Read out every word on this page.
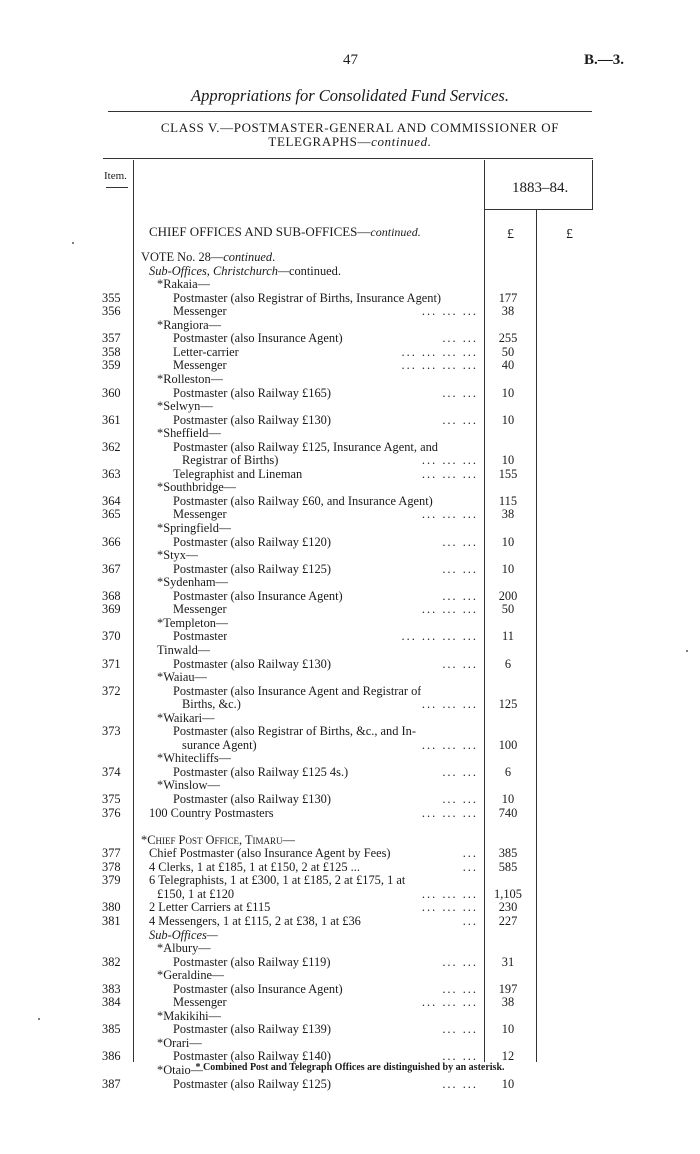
47	B.—3.
Appropriations for Consolidated Fund Services.
CLASS V.—POSTMASTER-GENERAL AND COMMISSIONER OF
TELEGRAPHS—continued.
Item.
1883–84.
CHIEF OFFICES AND SUB-OFFICES—continued.	£	£
VOTE No. 28—continued.
Sub-Offices, Christchurch—continued.
*Rakaia—
355	Postmaster (also Registrar of Births, Insurance Agent)	177
356	Messenger	... ... ...	38
*Rangiora—
357	Postmaster (also Insurance Agent)	... ...	255
358	Letter-carrier	... ... ... ...	50
359	Messenger	... ... ... ...	40
*Rolleston—
360	Postmaster (also Railway £165)	... ...	10
*Selwyn—
361	Postmaster (also Railway £130)	... ...	10
*Sheffield—
362	Postmaster (also Railway £125, Insurance Agent, and
Registrar of Births)	... ... ...	10
363	Telegraphist and Lineman	... ... ...	155
*Southbridge—
364	Postmaster (also Railway £60, and Insurance Agent)	115
365	Messenger	... ... ...	38
*Springfield—
366	Postmaster (also Railway £120)	... ...	10
*Styx—
367	Postmaster (also Railway £125)	... ...	10
*Sydenham—
368	Postmaster (also Insurance Agent)	... ...	200
369	Messenger	... ... ...	50
*Templeton—
370	Postmaster	... ... ... ...	11
Tinwald—
371	Postmaster (also Railway £130)	... ...	6
*Waiau—
372	Postmaster (also Insurance Agent and Registrar of
Births, &c.)	... ... ...	125
*Waikari—
373	Postmaster (also Registrar of Births, &c., and In-
surance Agent)	... ... ...	100
*Whitecliffs—
374	Postmaster (also Railway £125 4s.)	... ...	6
*Winslow—
375	Postmaster (also Railway £130)	... ...	10
376	100 Country Postmasters	... ... ...	740
*Chief Post Office, Timaru—
377	Chief Postmaster (also Insurance Agent by Fees)	...	385
378	4 Clerks, 1 at £185, 1 at £150, 2 at £125 ...	...	585
379	6 Telegraphists, 1 at £300, 1 at £185, 2 at £175, 1 at
£150, 1 at £120	... ... ...	1,105
380	2 Letter Carriers at £115	... ... ...	230
381	4 Messengers, 1 at £115, 2 at £38, 1 at £36	...	227
Sub-Offices—
*Albury—
382	Postmaster (also Railway £119)	... ...	31
*Geraldine—
383	Postmaster (also Insurance Agent)	... ...	197
384	Messenger	... ... ...	38
*Makikihi—
385	Postmaster (also Railway £139)	... ...	10
*Orari—
386	Postmaster (also Railway £140)	... ...	12
*Otaio—
387	Postmaster (also Railway £125)	... ...	10
* Combined Post and Telegraph Offices are distinguished by an asterisk.
